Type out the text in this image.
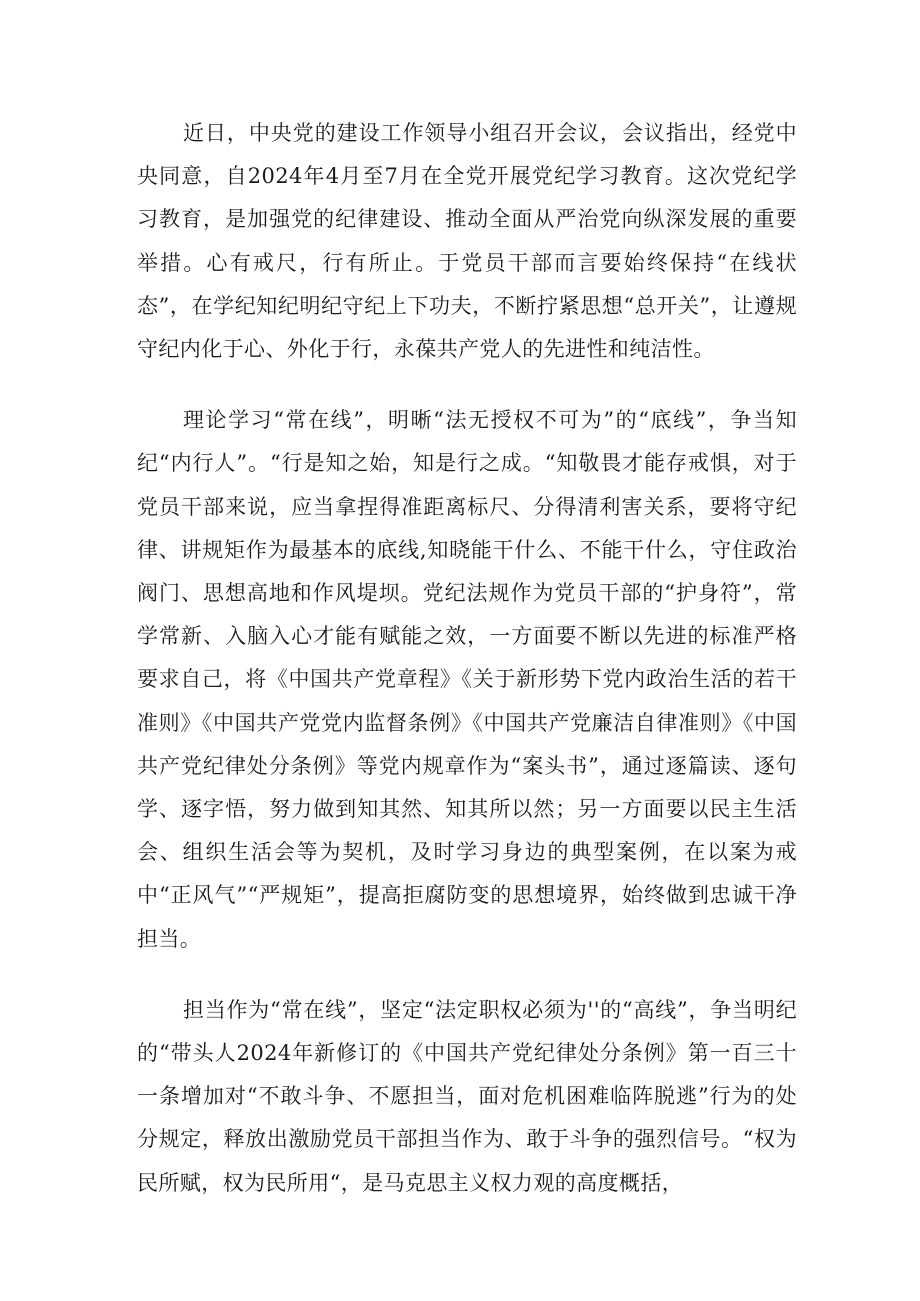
近日，中央党的建设工作领导小组召开会议，会议指出，经党中央同意，自2024年4月至7月在全党开展党纪学习教育。这次党纪学习教育，是加强党的纪律建设、推动全面从严治党向纵深发展的重要举措。心有戒尺，行有所止。于党员干部而言要始终保持“在线状态”，在学纪知纪明纪守纪上下功夫，不断拧紧思想“总开关”，让遵规守纪内化于心、外化于行，永葆共产党人的先进性和纯洁性。

理论学习“常在线”，明晰“法无授权不可为”的“底线”，争当知纪“内行人”。“行是知之始，知是行之成。“知敬畏才能存戒惧，对于党员干部来说，应当拿捏得准距离标尺、分得清利害关系，要将守纪律、讲规矩作为最基本的底线,知晓能干什么、不能干什么，守住政治阀门、思想高地和作风堤坝。党纪法规作为党员干部的“护身符”，常学常新、入脑入心才能有赋能之效，一方面要不断以先进的标准严格要求自己，将《中国共产党章程》《关于新形势下党内政治生活的若干准则》《中国共产党党内监督条例》《中国共产党廉洁自律准则》《中国共产党纪律处分条例》等党内规章作为“案头书”，通过逐篇读、逐句学、逐字悟，努力做到知其然、知其所以然；另一方面要以民主生活会、组织生活会等为契机，及时学习身边的典型案例，在以案为戒中“正风气”“严规矩”，提高拒腐防变的思想境界，始终做到忠诚干净担当。

担当作为“常在线”，坚定“法定职权必须为''的“高线”，争当明纪的“带头人2024年新修订的《中国共产党纪律处分条例》第一百三十一条增加对“不敢斗争、不愿担当，面对危机困难临阵脱逃”行为的处分规定，释放出激励党员干部担当作为、敢于斗争的强烈信号。“权为民所赋，权为民所用“，是马克思主义权力观的高度概括，
